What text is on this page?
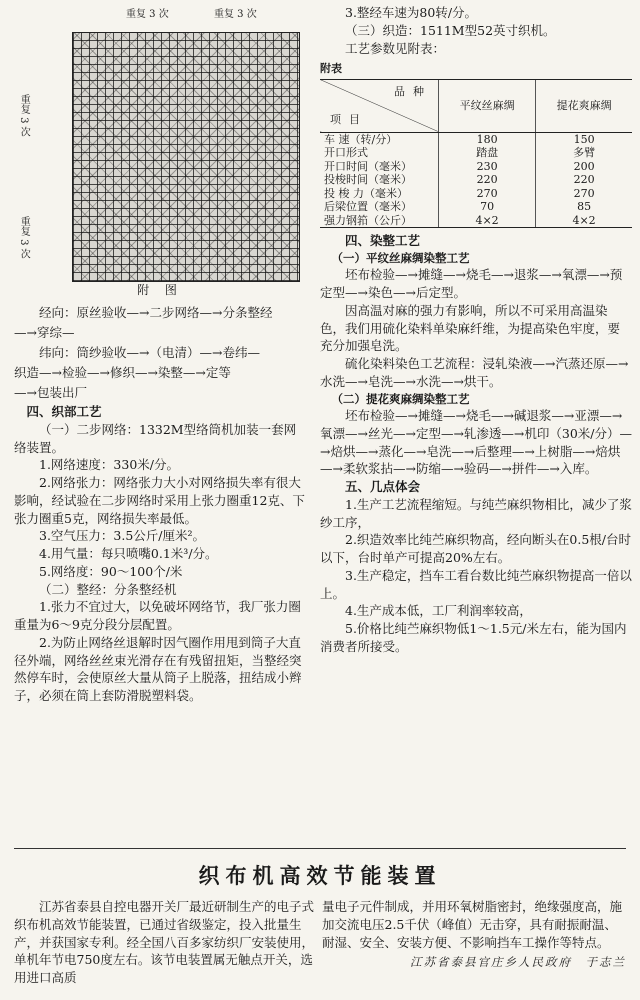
重复 3 次	重复 3 次
重复 3 次
重复 3 次

附 图

经向：原丝验收—→二步网络—→分条整经

—→穿综—

纬向：筒纱验收—→（电清）—→卷纬—

织造—→检验—→修织—→染整—→定等

—→包装出厂

四、织部工艺

（一）二步网络：1332M型络筒机加装一套网络装置。

1.网络速度：330米/分。

2.网络张力：网络张力大小对网络损失率有很大影响，经试验在二步网络时采用上张力圈重12克、下张力圈重5克，网络损失率最低。

3.空气压力：3.5公斤/厘米²。

4.用气量：每只喷嘴0.1米³/分。

5.网络度：90～100个/米

（二）整经：分条整经机

1.张力不宜过大，以免破坏网络节，我厂张力圈重量为6～9克分段分层配置。

2.为防止网络丝退解时因气圈作用甩到筒子大直径外端，网络丝丝束光滑存在有残留扭矩，当整经突然停车时，会使原丝大量从筒子上脱落，扭结成小辫子，必须在筒上套防滑脱塑料袋。

3.整经车速为80转/分。

（三）织造：1511M型52英寸织机。

工艺参数见附表：

附表

品种
项目	平纹丝麻绸	提花爽麻绸
车 速（转/分）	180	150
开口形式	踏盘	多臂
开口时间（毫米）	230	200
投梭时间（毫米）	220	220
投 梭 力（毫米）	270	270
后梁位置（毫米）	70	85
强力钢筘（公斤）	4×2	4×2

四、染整工艺

（一）平纹丝麻绸染整工艺

坯布检验—→摊缝—→烧毛—→退浆—→氧漂—→预定型—→染色—→后定型。

因高温对麻的强力有影响，所以不可采用高温染色，我们用硫化染料单染麻纤维，为提高染色牢度，要充分加强皂洗。

硫化染料染色工艺流程：浸轧染液—→汽蒸还原—→水洗—→皂洗—→水洗—→烘干。

（二）提花爽麻绸染整工艺

坯布检验—→摊缝—→烧毛—→碱退浆—→亚漂—→氧漂—→丝光—→定型—→轧渗透—→机印（30米/分）—→焙烘—→蒸化—→皂洗—→后整理—→上树脂—→焙烘—→柔软浆拈—→防缩—→验码—→拼件—→入库。

五、几点体会

1.生产工艺流程缩短。与纯苎麻织物相比，减少了浆纱工序，

2.织造效率比纯苎麻织物高，经向断头在0.5根/台时以下，台时单产可提高20%左右。

3.生产稳定，挡车工看台数比纯苎麻织物提高一倍以上。

4.生产成本低，工厂利润率较高，

5.价格比纯苎麻织物低1～1.5元/米左右，能为国内消费者所接受。

织布机高效节能装置

江苏省泰县自控电器开关厂最近研制生产的电子式织布机高效节能装置，已通过省级鉴定，投入批量生产，并获国家专利。经全国八百多家纺织厂安装使用，单机年节电750度左右。该节电装置属无触点开关，选用进口高质

量电子元件制成，并用环氧树脂密封，绝缘强度高，施加交流电压2.5千伏（峰值）无击穿，具有耐振耐温、耐湿、安全、安装方便、不影响挡车工操作等特点。

江苏省泰县官庄乡人民政府　于志兰
